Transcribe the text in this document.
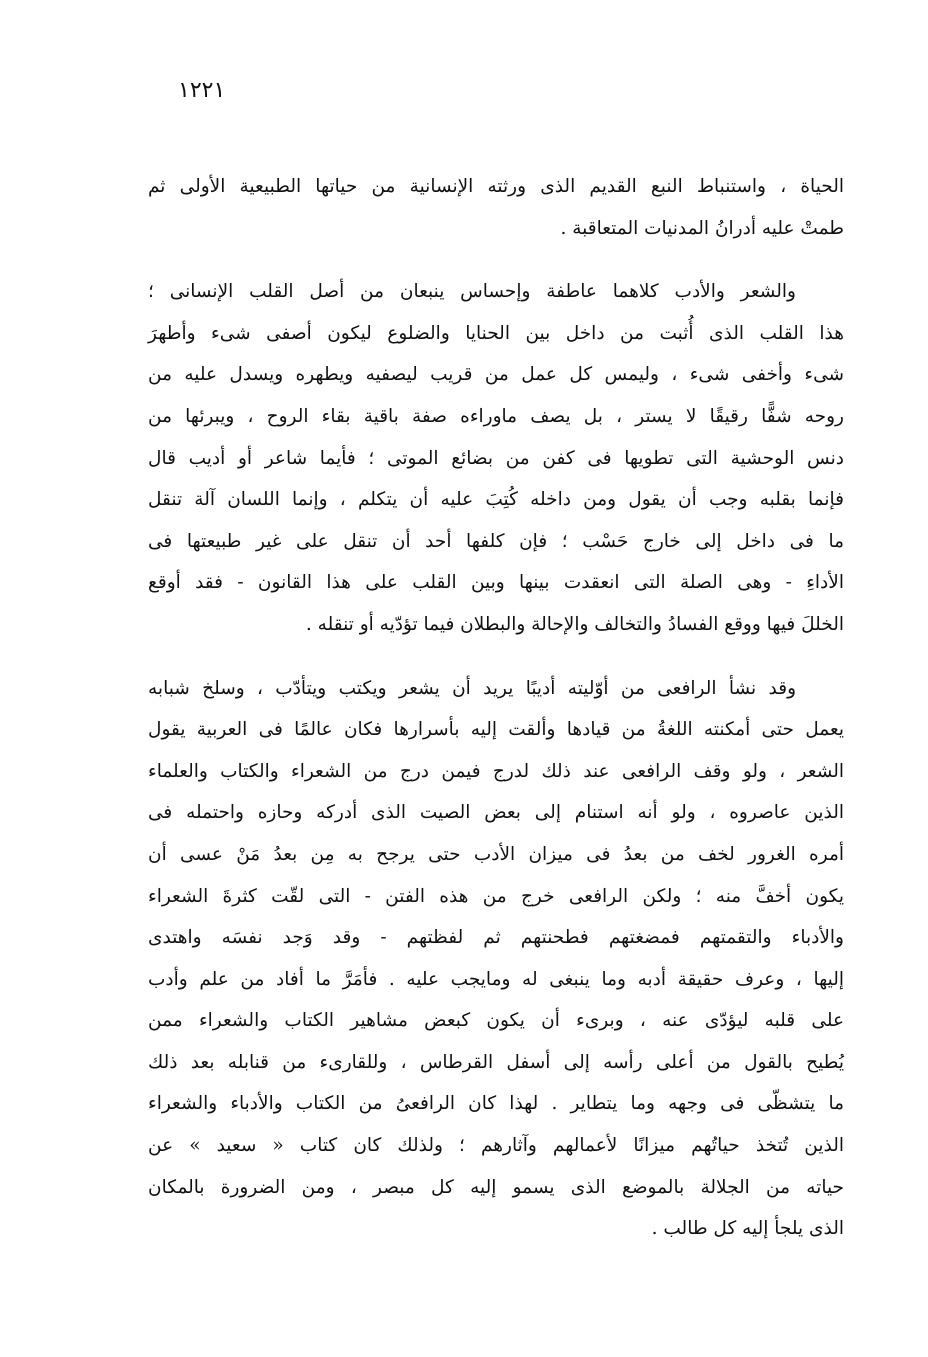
١٢٢١
الحياة ، واستنباط النبع القديم الذى ورثته الإنسانية من حياتها الطبيعية الأولى ثم
طمتْ عليه أدرانُ المدنيات المتعاقبة .
والشعر والأدب كلاهما عاطفة وإحساس ينبعان من أصل القلب الإنسانى ؛
هذا القلب الذى أُثبت من داخل بين الحنايا والضلوع ليكون أصفى شىء وأطهرَ
شىء وأخفى شىء ، وليمس كل عمل من قريب ليصفيه ويطهره ويسدل عليه من
روحه شفًّا رقيقًا لا يستر ، بل يصف ماوراءه صفة باقية بقاء الروح ، ويبرئها من
دنس الوحشية التى تطويها فى كفن من بضائع الموتى ؛ فأيما شاعر أو أديب قال
فإنما بقلبه وجب أن يقول ومن داخله كُتِبَ عليه أن يتكلم ، وإنما اللسان آلة تنقل
ما فى داخل إلى خارج حَسْب ؛ فإن كلفها أحد أن تنقل على غير طبيعتها فى
الأداءِ - وهى الصلة التى انعقدت بينها وبين القلب على هذا القانون - فقد أوقع
الخللَ فيها ووقع الفسادُ والتخالف والإحالة والبطلان فيما تؤدّيه أو تنقله .
وقد نشأ الرافعى من أوّليته أديبًا يريد أن يشعر ويكتب ويتأدّب ، وسلخ شبابه
يعمل حتى أمكنته اللغةُ من قيادها وألقت إليه بأسرارها فكان عالمًا فى العربية يقول
الشعر ، ولو وقف الرافعى عند ذلك لدرج فيمن درج من الشعراء والكتاب والعلماء
الذين عاصروه ، ولو أنه استنام إلى بعض الصيت الذى أدركه وحازه واحتمله فى
أمره الغرور لخف من بعدُ فى ميزان الأدب حتى يرجح به مِن بعدُ مَنْ عسى أن
يكون أخفَّ منه ؛ ولكن الرافعى خرج من هذه الفتن - التى لقّت كثرةَ الشعراء
والأدباء والتقمتهم فمضغتهم فطحنتهم ثم لفظتهم - وقد وَجد نفسَه واهتدى
إليها ، وعرف حقيقة أدبه وما ينبغى له ومايجب عليه . فأمَرَّ ما أفاد من علم وأدب
على قلبه ليؤدّى عنه ، وبرىء أن يكون كبعض مشاهير الكتاب والشعراء ممن
يُطيح بالقول من أعلى رأسه إلى أسفل القرطاس ، وللقارىء من قنابله بعد ذلك
ما يتشظّى فى وجهه وما يتطاير . لهذا كان الرافعىُ من الكتاب والأدباء والشعراء
الذين تُتخذ حياتُهم ميزانًا لأعمالهم وآثارهم ؛ ولذلك كان كتاب « سعيد » عن
حياته من الجلالة بالموضع الذى يسمو إليه كل مبصر ، ومن الضرورة بالمكان
الذى يلجأ إليه كل طالب .
